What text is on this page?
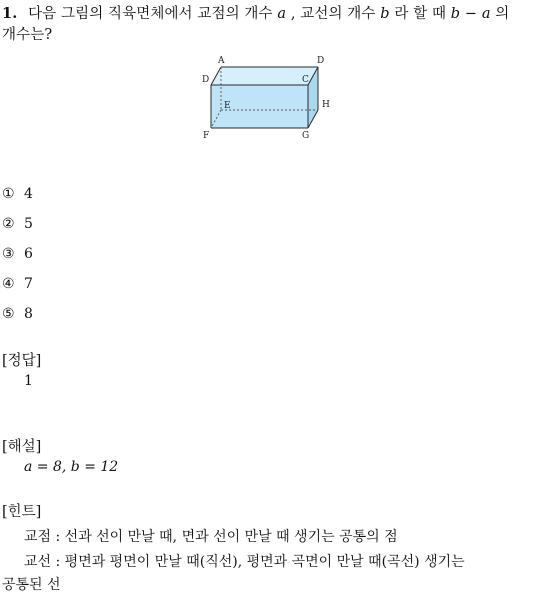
1. 다음 그림의 직육면체에서 교점의 개수 a , 교선의 개수 b 라 할 때 b − a 의
개수는?
A	D
D	C
E	H
F	G
① 4
② 5
③ 6
④ 7
⑤ 8
[정답]
1
[해설]
a = 8, b = 12
[힌트]
교점 : 선과 선이 만날 때, 면과 선이 만날 때 생기는 공통의 점
교선 : 평면과 평면이 만날 때(직선), 평면과 곡면이 만날 때(곡선) 생기는
공통된 선
